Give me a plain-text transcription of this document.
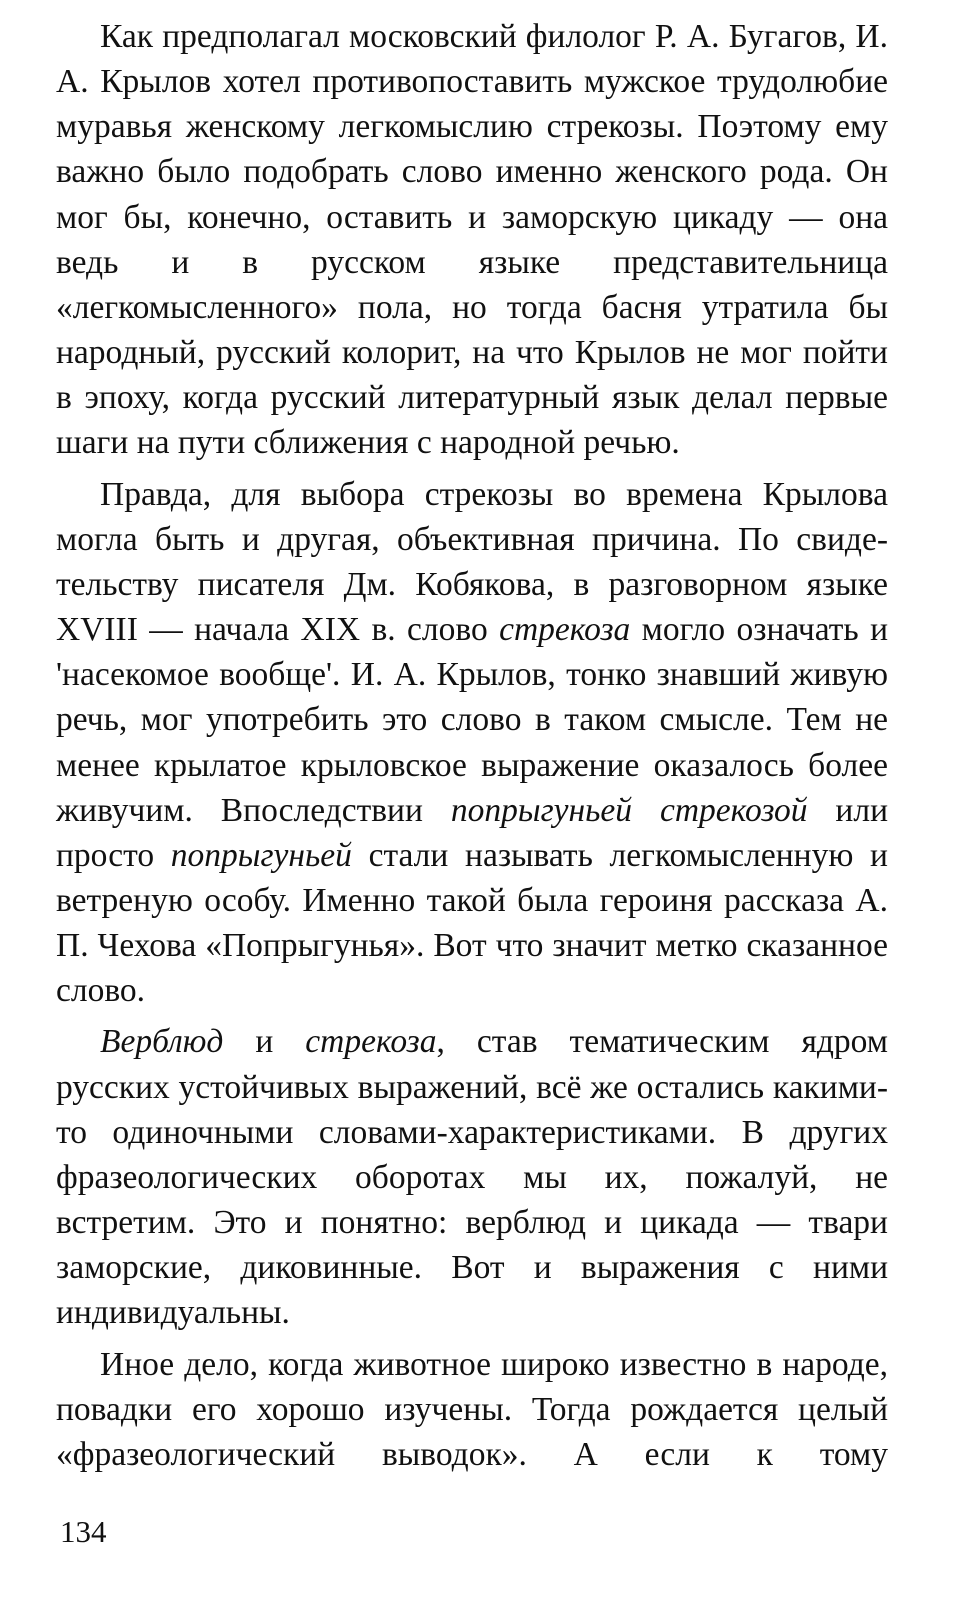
Как предполагал московский филолог Р. А. Бугагов, И. А. Крылов хотел противопоставить мужское трудолюбие муравья женскому легкомыслию стрекозы. Поэтому ему важно было подобрать слово именно женского рода. Он мог бы, конечно, оставить и заморскую цикаду — она ведь и в русском языке представительница «легкомысленного» пола, но тогда басня утратила бы народный, русский колорит, на что Крылов не мог пойти в эпоху, когда русский литературный язык делал первые шаги на пути сближения с народной речью.

Правда, для выбора стрекозы во времена Крылова могла быть и другая, объективная причина. По свидетельству писателя Дм. Кобякова, в разговорном языке XVIII — начала XIX в. слово стрекоза могло означать и 'насекомое вообще'. И. А. Крылов, тонко знавший живую речь, мог употребить это слово в таком смысле. Тем не менее крылатое крыловское выражение оказалось более живучим. Впоследствии попрыгуньей стрекозой или просто попрыгуньей стали называть легкомысленную и ветреную особу. Именно такой была героиня рассказа А. П. Чехова «Попрыгунья». Вот что значит метко сказанное слово.

Верблюд и стрекоза, став тематическим ядром русских устойчивых выражений, всё же остались какими-то одиночными словами-характеристиками. В других фразеологических оборотах мы их, пожалуй, не встретим. Это и понятно: верблюд и цикада — твари заморские, диковинные. Вот и выражения с ними индивидуальны.

Иное дело, когда животное широко известно в народе, повадки его хорошо изучены. Тогда рождается целый «фразеологический выводок». А если к тому

134
